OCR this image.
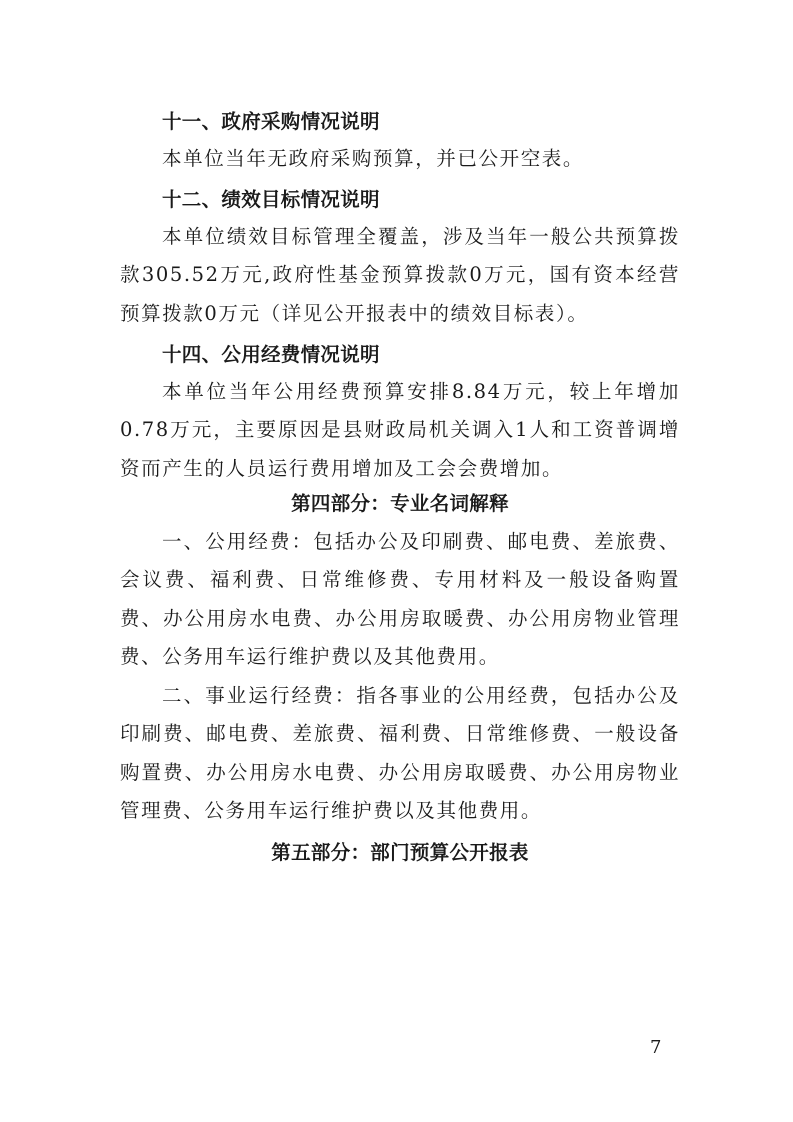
十一、政府采购情况说明
本单位当年无政府采购预算，并已公开空表。
十二、绩效目标情况说明
本单位绩效目标管理全覆盖，涉及当年一般公共预算拨款305.52万元,政府性基金预算拨款0万元，国有资本经营预算拨款0万元（详见公开报表中的绩效目标表）。
十四、公用经费情况说明
本单位当年公用经费预算安排8.84万元，较上年增加0.78万元，主要原因是县财政局机关调入1人和工资普调增资而产生的人员运行费用增加及工会会费增加。
第四部分：专业名词解释
一、公用经费：包括办公及印刷费、邮电费、差旅费、会议费、福利费、日常维修费、专用材料及一般设备购置费、办公用房水电费、办公用房取暖费、办公用房物业管理费、公务用车运行维护费以及其他费用。
二、事业运行经费：指各事业的公用经费，包括办公及印刷费、邮电费、差旅费、福利费、日常维修费、一般设备购置费、办公用房水电费、办公用房取暖费、办公用房物业管理费、公务用车运行维护费以及其他费用。
第五部分：部门预算公开报表
7
